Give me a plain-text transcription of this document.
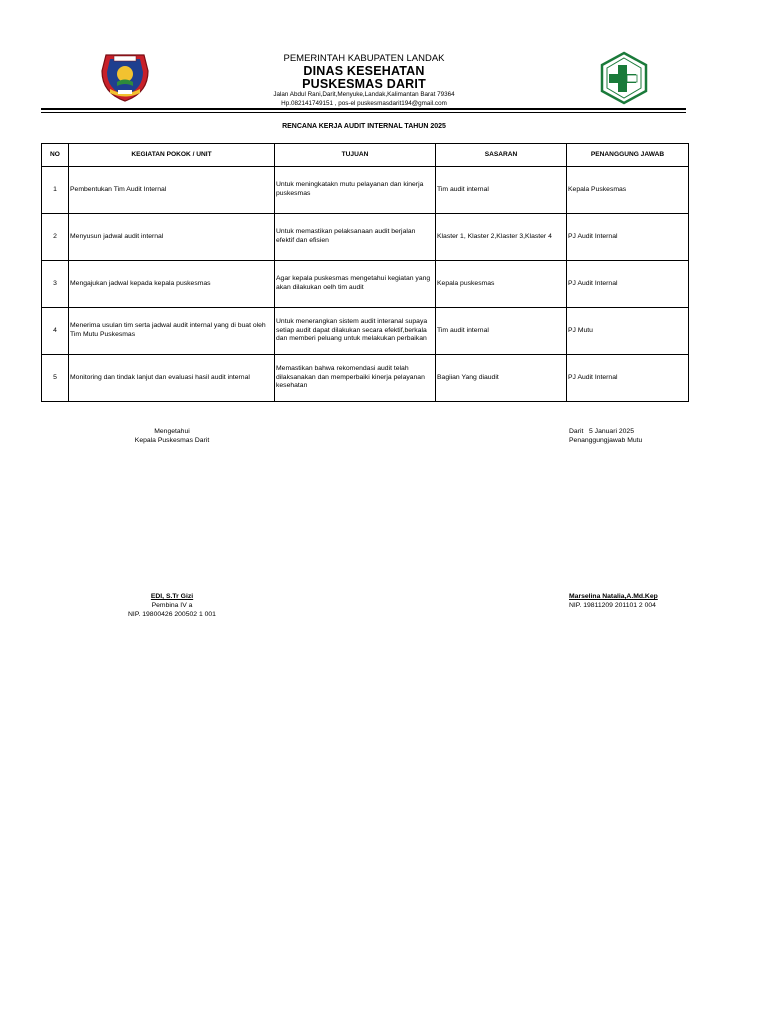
PEMERINTAH KABUPATEN LANDAK
DINAS KESEHATAN
PUSKESMAS DARIT
Jalan Abdul Rani,Darit,Menyuke,Landak,Kalimantan Barat 79364
Hp.082141749151 , pos-el puskesmasdarit194@gmail.com
RENCANA KERJA AUDIT INTERNAL TAHUN 2025
NO	KEGIATAN POKOK / UNIT	TUJUAN	SASARAN	PENANGGUNG JAWAB
1	Pembentukan Tim Audit Internal	Untuk meningkatakn mutu pelayanan dan kinerja puskesmas	Tim audit internal	Kepala Puskesmas
2	Menyusun jadwal audit internal	Untuk memastikan pelaksanaan audit berjalan efektif dan efisien	Klaster 1, Klaster 2,Klaster 3,Klaster 4	PJ Audit Internal
3	Mengajukan jadwal kepada kepala puskesmas	Agar kepala puskesmas mengetahui kegiatan yang akan dilakukan oelh tim audit	Kepala puskesmas	PJ Audit Internal
4	Menerima usulan tim serta jadwal audit internal yang di buat oleh Tim Mutu Puskesmas	Untuk menerangkan sistem audit interanal supaya setiap audit dapat dilakukan secara efektif,berkala dan memberi peluang untuk melakukan perbaikan	Tim audit internal	PJ Mutu
5	Monitoring dan tindak lanjut dan evaluasi hasil audit internal	Memastikan bahwa rekomendasi audit telah dilaksanakan dan memperbaiki kinerja pelayanan kesehatan	Bagiian Yang diaudit	PJ Audit Internal
Mengetahui
Kepala Puskesmas Darit
EDI, S.Tr Gizi
Pembina IV a
NIP. 19800426 200502 1 001
Darit   5 Januari 2025
Penanggungjawab Mutu
Marselina Natalia,A.Md.Kep
NIP. 19811209 201101 2 004
